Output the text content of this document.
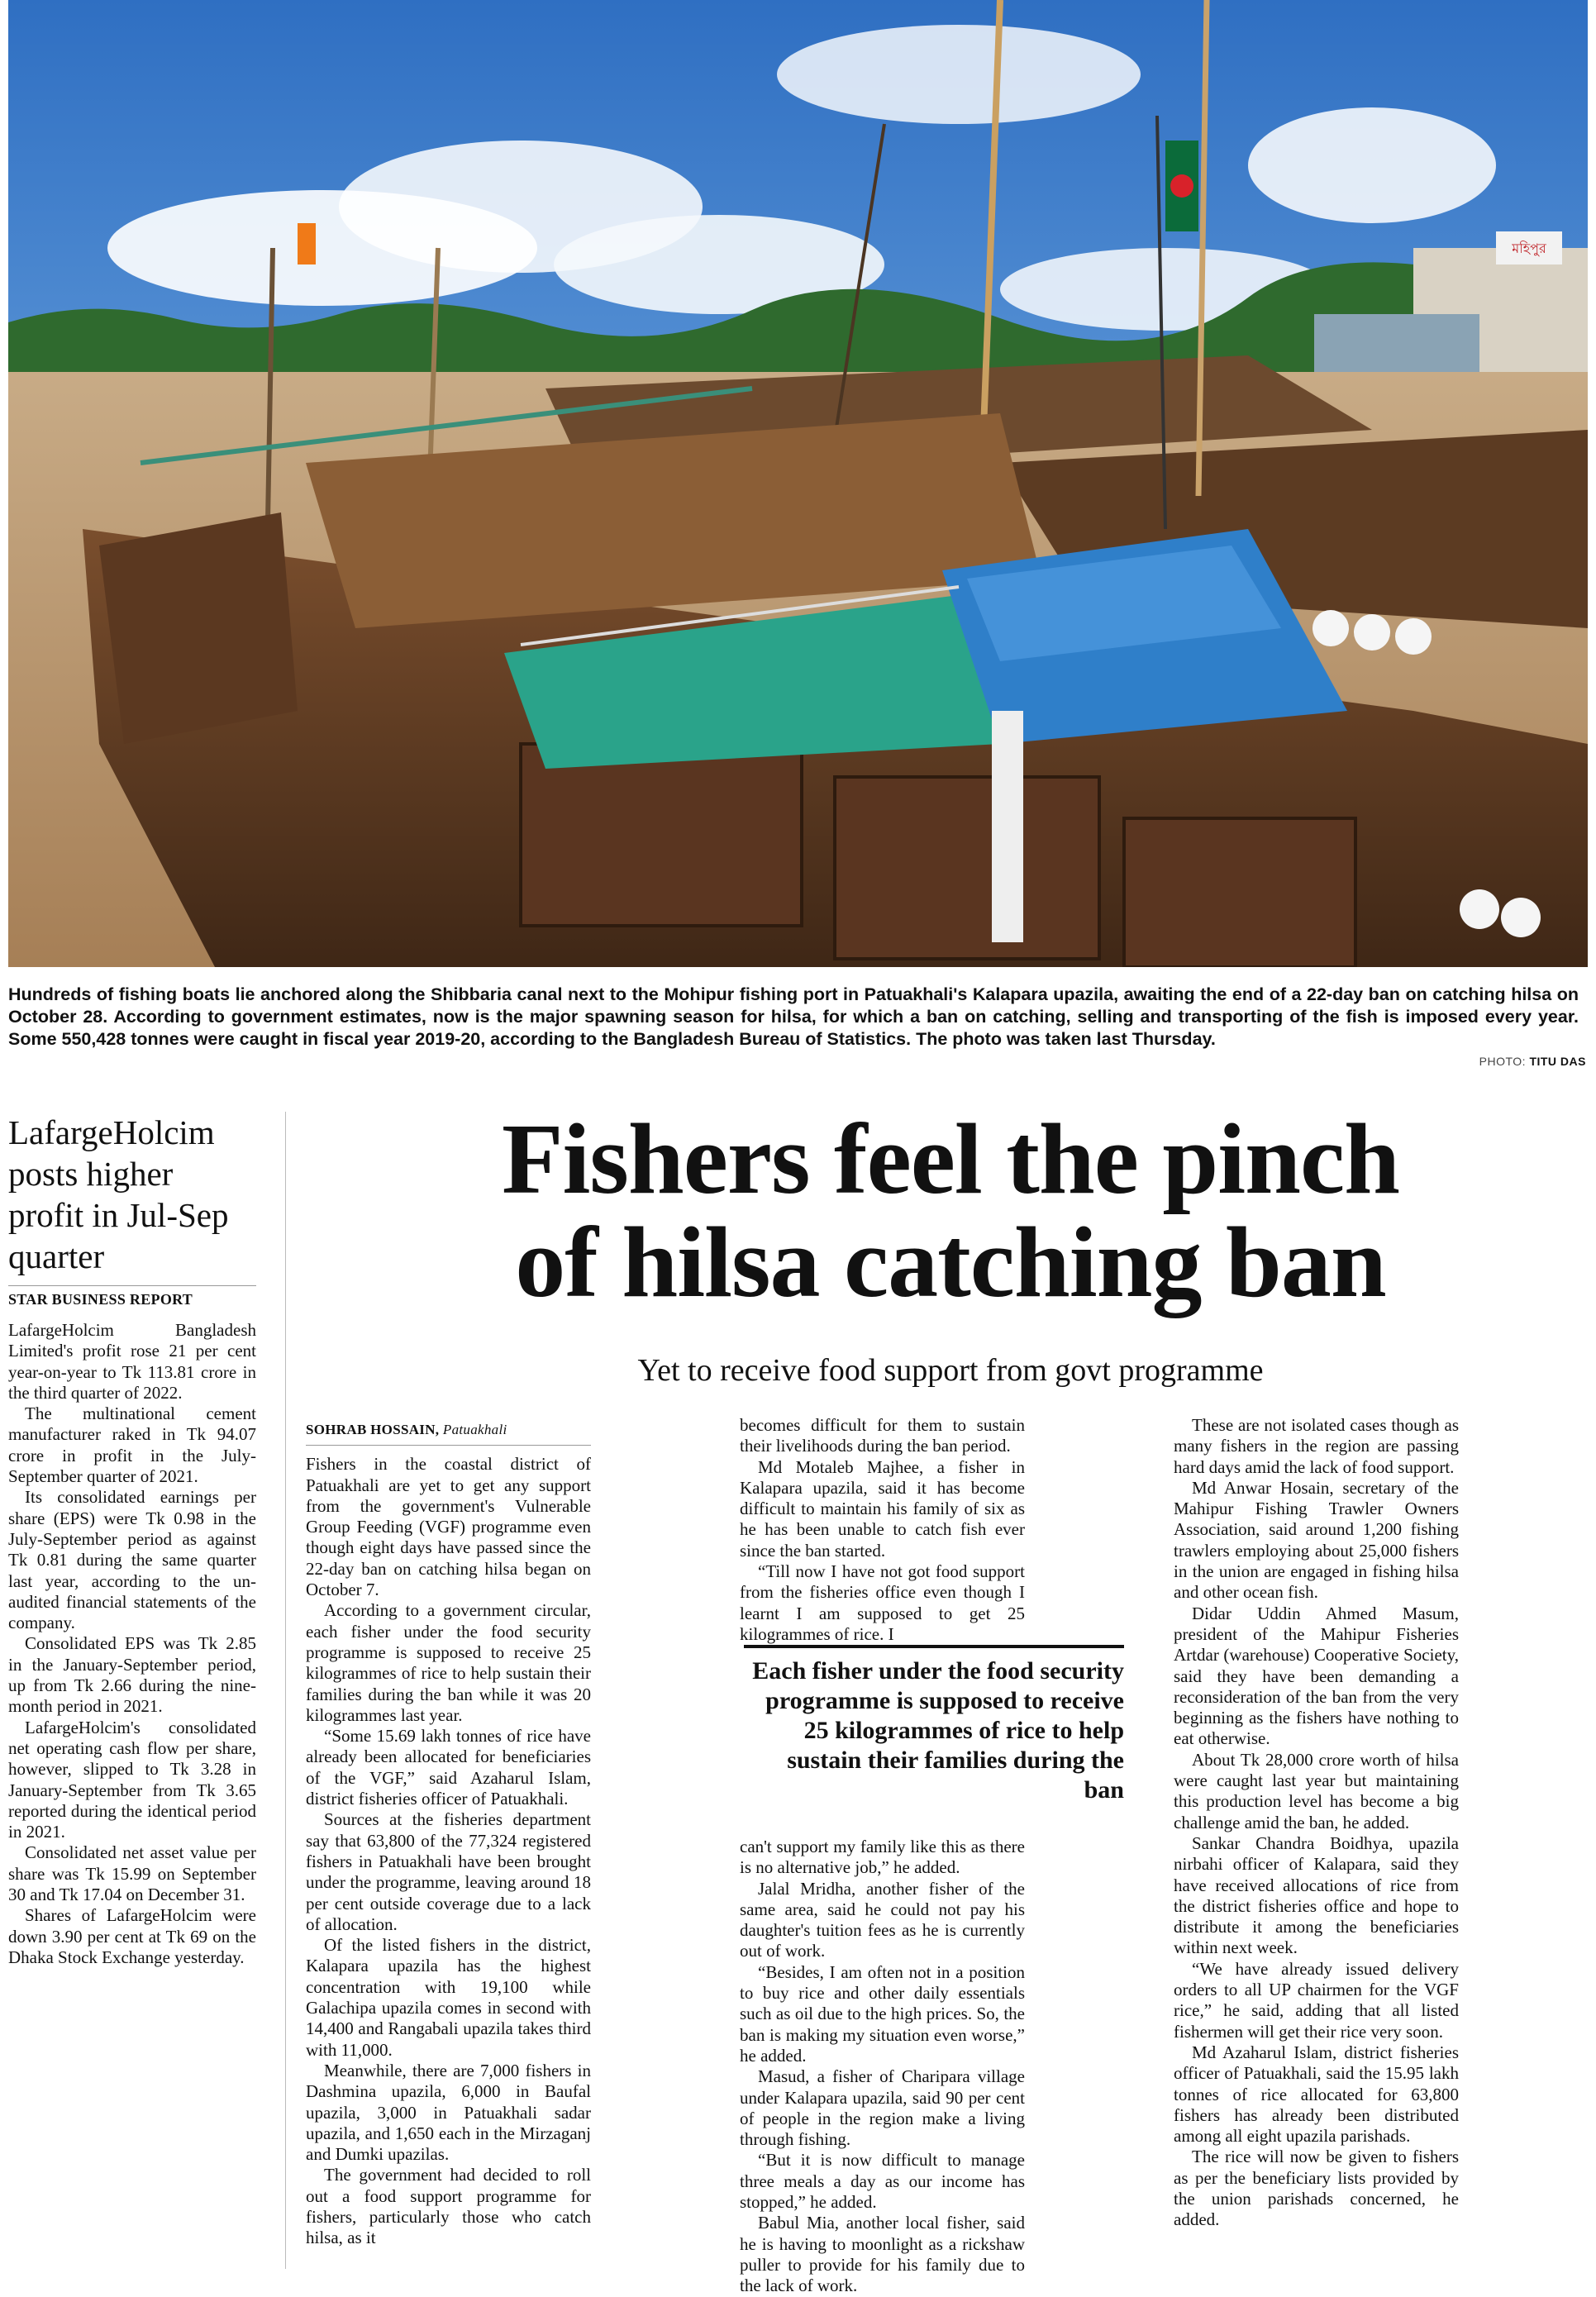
মহিপুর
Hundreds of fishing boats lie anchored along the Shibbaria canal next to the Mohipur fishing port in Patuakhali's Kalapara upazila, awaiting the end of a 22-day ban on catching hilsa on October 28. According to government estimates, now is the major spawning season for hilsa, for which a ban on catching, selling and transporting of the fish is imposed every year. Some 550,428 tonnes were caught in fiscal year 2019-20, according to the Bangladesh Bureau of Statistics. The photo was taken last Thursday.
PHOTO: TITU DAS
LafargeHolcim posts higher profit in Jul-Sep quarter
STAR BUSINESS REPORT

LafargeHolcim Bangladesh Limited's profit rose 21 per cent year-on-year to Tk 113.81 crore in the third quarter of 2022.

The multinational cement manufacturer raked in Tk 94.07 crore in profit in the July-September quarter of 2021.

Its consolidated earnings per share (EPS) were Tk 0.98 in the July-September period as against Tk 0.81 during the same quarter last year, according to the un-audited financial statements of the company.

Consolidated EPS was Tk 2.85 in the January-September period, up from Tk 2.66 during the nine-month period in 2021.

LafargeHolcim's consolidated net operating cash flow per share, however, slipped to Tk 3.28 in January-September from Tk 3.65 reported during the identical period in 2021.

Consolidated net asset value per share was Tk 15.99 on September 30 and Tk 17.04 on December 31.

Shares of LafargeHolcim were down 3.90 per cent at Tk 69 on the Dhaka Stock Exchange yesterday.

Fishers feel the pinch
of hilsa catching ban
Yet to receive food support from govt programme
SOHRAB HOSSAIN, Patuakhali

Fishers in the coastal district of Patuakhali are yet to get any support from the government's Vulnerable Group Feeding (VGF) programme even though eight days have passed since the 22-day ban on catching hilsa began on October 7.

According to a government circular, each fisher under the food security programme is supposed to receive 25 kilogrammes of rice to help sustain their families during the ban while it was 20 kilogrammes last year.

“Some 15.69 lakh tonnes of rice have already been allocated for beneficiaries of the VGF,” said Azaharul Islam, district fisheries officer of Patuakhali.

Sources at the fisheries department say that 63,800 of the 77,324 registered fishers in Patuakhali have been brought under the programme, leaving around 18 per cent outside coverage due to a lack of allocation.

Of the listed fishers in the district, Kalapara upazila has the highest concentration with 19,100 while Galachipa upazila comes in second with 14,400 and Rangabali upazila takes third with 11,000.

Meanwhile, there are 7,000 fishers in Dashmina upazila, 6,000 in Baufal upazila, 3,000 in Patuakhali sadar upazila, and 1,650 each in the Mirzaganj and Dumki upazilas.

The government had decided to roll out a food support programme for fishers, particularly those who catch hilsa, as it

becomes difficult for them to sustain their livelihoods during the ban period.

Md Motaleb Majhee, a fisher in Kalapara upazila, said it has become difficult to maintain his family of six as he has been unable to catch fish ever since the ban started.

“Till now I have not got food support from the fisheries office even though I learnt I am supposed to get 25 kilogrammes of rice. I

Each fisher under the food security programme is supposed to receive 25 kilogrammes of rice to help sustain their families during the ban

can't support my family like this as there is no alternative job,” he added.

Jalal Mridha, another fisher of the same area, said he could not pay his daughter's tuition fees as he is currently out of work.

“Besides, I am often not in a position to buy rice and other daily essentials such as oil due to the high prices. So, the ban is making my situation even worse,” he added.

Masud, a fisher of Charipara village under Kalapara upazila, said 90 per cent of people in the region make a living through fishing.

“But it is now difficult to manage three meals a day as our income has stopped,” he added.

Babul Mia, another local fisher, said he is having to moonlight as a rickshaw puller to provide for his family due to the lack of work.

These are not isolated cases though as many fishers in the region are passing hard days amid the lack of food support.

Md Anwar Hosain, secretary of the Mahipur Fishing Trawler Owners Association, said around 1,200 fishing trawlers employing about 25,000 fishers in the union are engaged in fishing hilsa and other ocean fish.

Didar Uddin Ahmed Masum, president of the Mahipur Fisheries Artdar (warehouse) Cooperative Society, said they have been demanding a reconsideration of the ban from the very beginning as the fishers have nothing to eat otherwise.

About Tk 28,000 crore worth of hilsa were caught last year but maintaining this production level has become a big challenge amid the ban, he added.

Sankar Chandra Boidhya, upazila nirbahi officer of Kalapara, said they have received allocations of rice from the district fisheries office and hope to distribute it among the beneficiaries within next week.

“We have already issued delivery orders to all UP chairmen for the VGF rice,” he said, adding that all listed fishermen will get their rice very soon.

Md Azaharul Islam, district fisheries officer of Patuakhali, said the 15.95 lakh tonnes of rice allocated for 63,800 fishers has already been distributed among all eight upazila parishads.

The rice will now be given to fishers as per the beneficiary lists provided by the union parishads concerned, he added.
